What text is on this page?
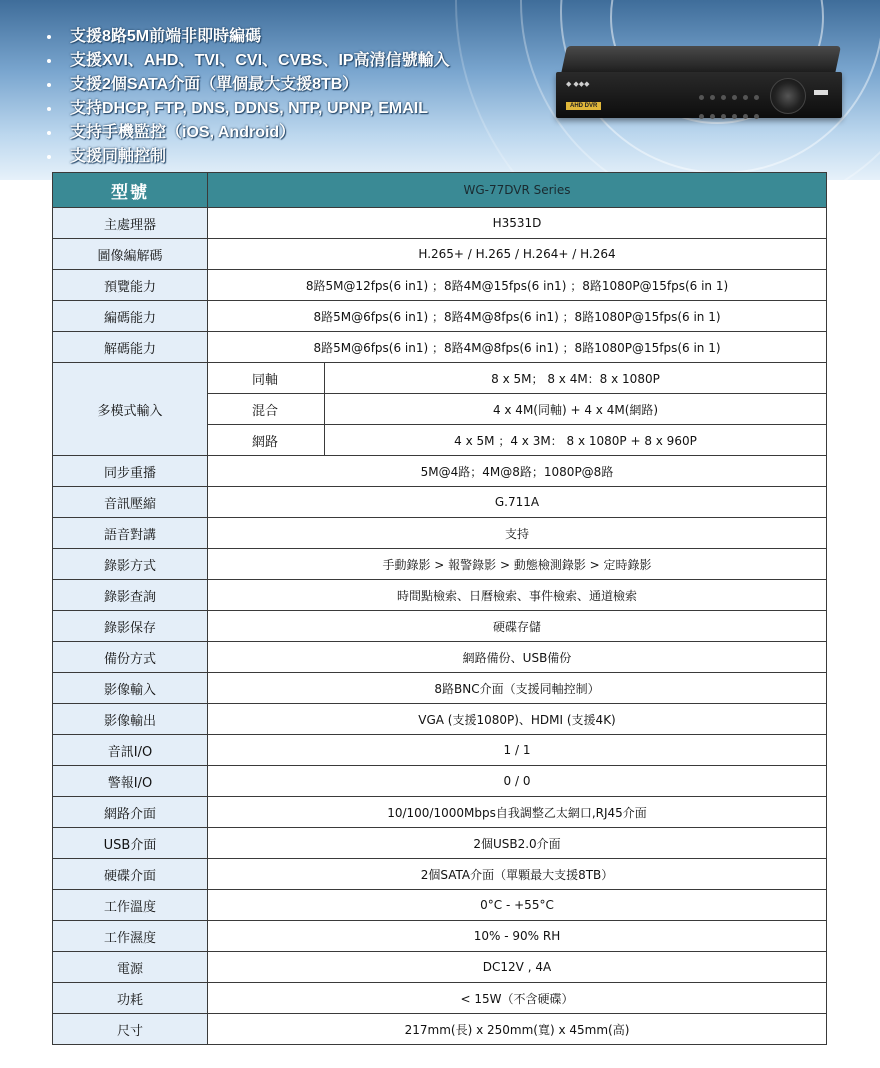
支援8路5M前端非即時編碼
支援XVI、AHD、TVI、CVI、CVBS、IP高清信號輸入
支援2個SATA介面（單個最大支援8TB）
支持DHCP, FTP, DNS, DDNS, NTP, UPNP, EMAIL
支持手機監控（iOS, Android）
支援同軸控制
◆ ◆◆◆
AHD DVR

型號	WG-77DVR Series	
主處理器	H3531D	
圖像編解碼	H.265+ / H.265 / H.264+ / H.264	
預覽能力	8路5M@12fps(6 in1) ；8路4M@15fps(6 in1) ；8路1080P@15fps(6 in 1)	
編碼能力	8路5M@6fps(6 in1) ；8路4M@8fps(6 in1) ；8路1080P@15fps(6 in 1)	
解碼能力	8路5M@6fps(6 in1) ；8路4M@8fps(6 in1) ；8路1080P@15fps(6 in 1)	
多模式輸入	同軸	8 x 5M； 8 x 4M：8 x 1080P
	混合	4 x 4M(同軸) + 4 x 4M(網路)
	網路	4 x 5M ；4 x 3M： 8 x 1080P + 8 x 960P
同步重播	5M@4路；4M@8路；1080P@8路	
音訊壓縮	G.711A	
語音對講	支持	
錄影方式	手動錄影 > 報警錄影 > 動態檢測錄影 > 定時錄影	
錄影查詢	時間點檢索、日曆檢索、事件檢索、通道檢索	
錄影保存	硬碟存儲	
備份方式	網路備份、USB備份	
影像輸入	8路BNC介面（支援同軸控制）	
影像輸出	VGA (支援1080P)、HDMI (支援4K)	
音訊I/O	1 / 1	
警報I/O	0 / 0	
網路介面	10/100/1000Mbps自我調整乙太網口,RJ45介面	
USB介面	2個USB2.0介面	
硬碟介面	2個SATA介面（單顆最大支援8TB）	
工作溫度	0°C - +55°C	
工作濕度	10% - 90% RH	
電源	DC12V , 4A	
功耗	< 15W（不含硬碟）	
尺寸	217mm(長) x 250mm(寬) x 45mm(高)	
